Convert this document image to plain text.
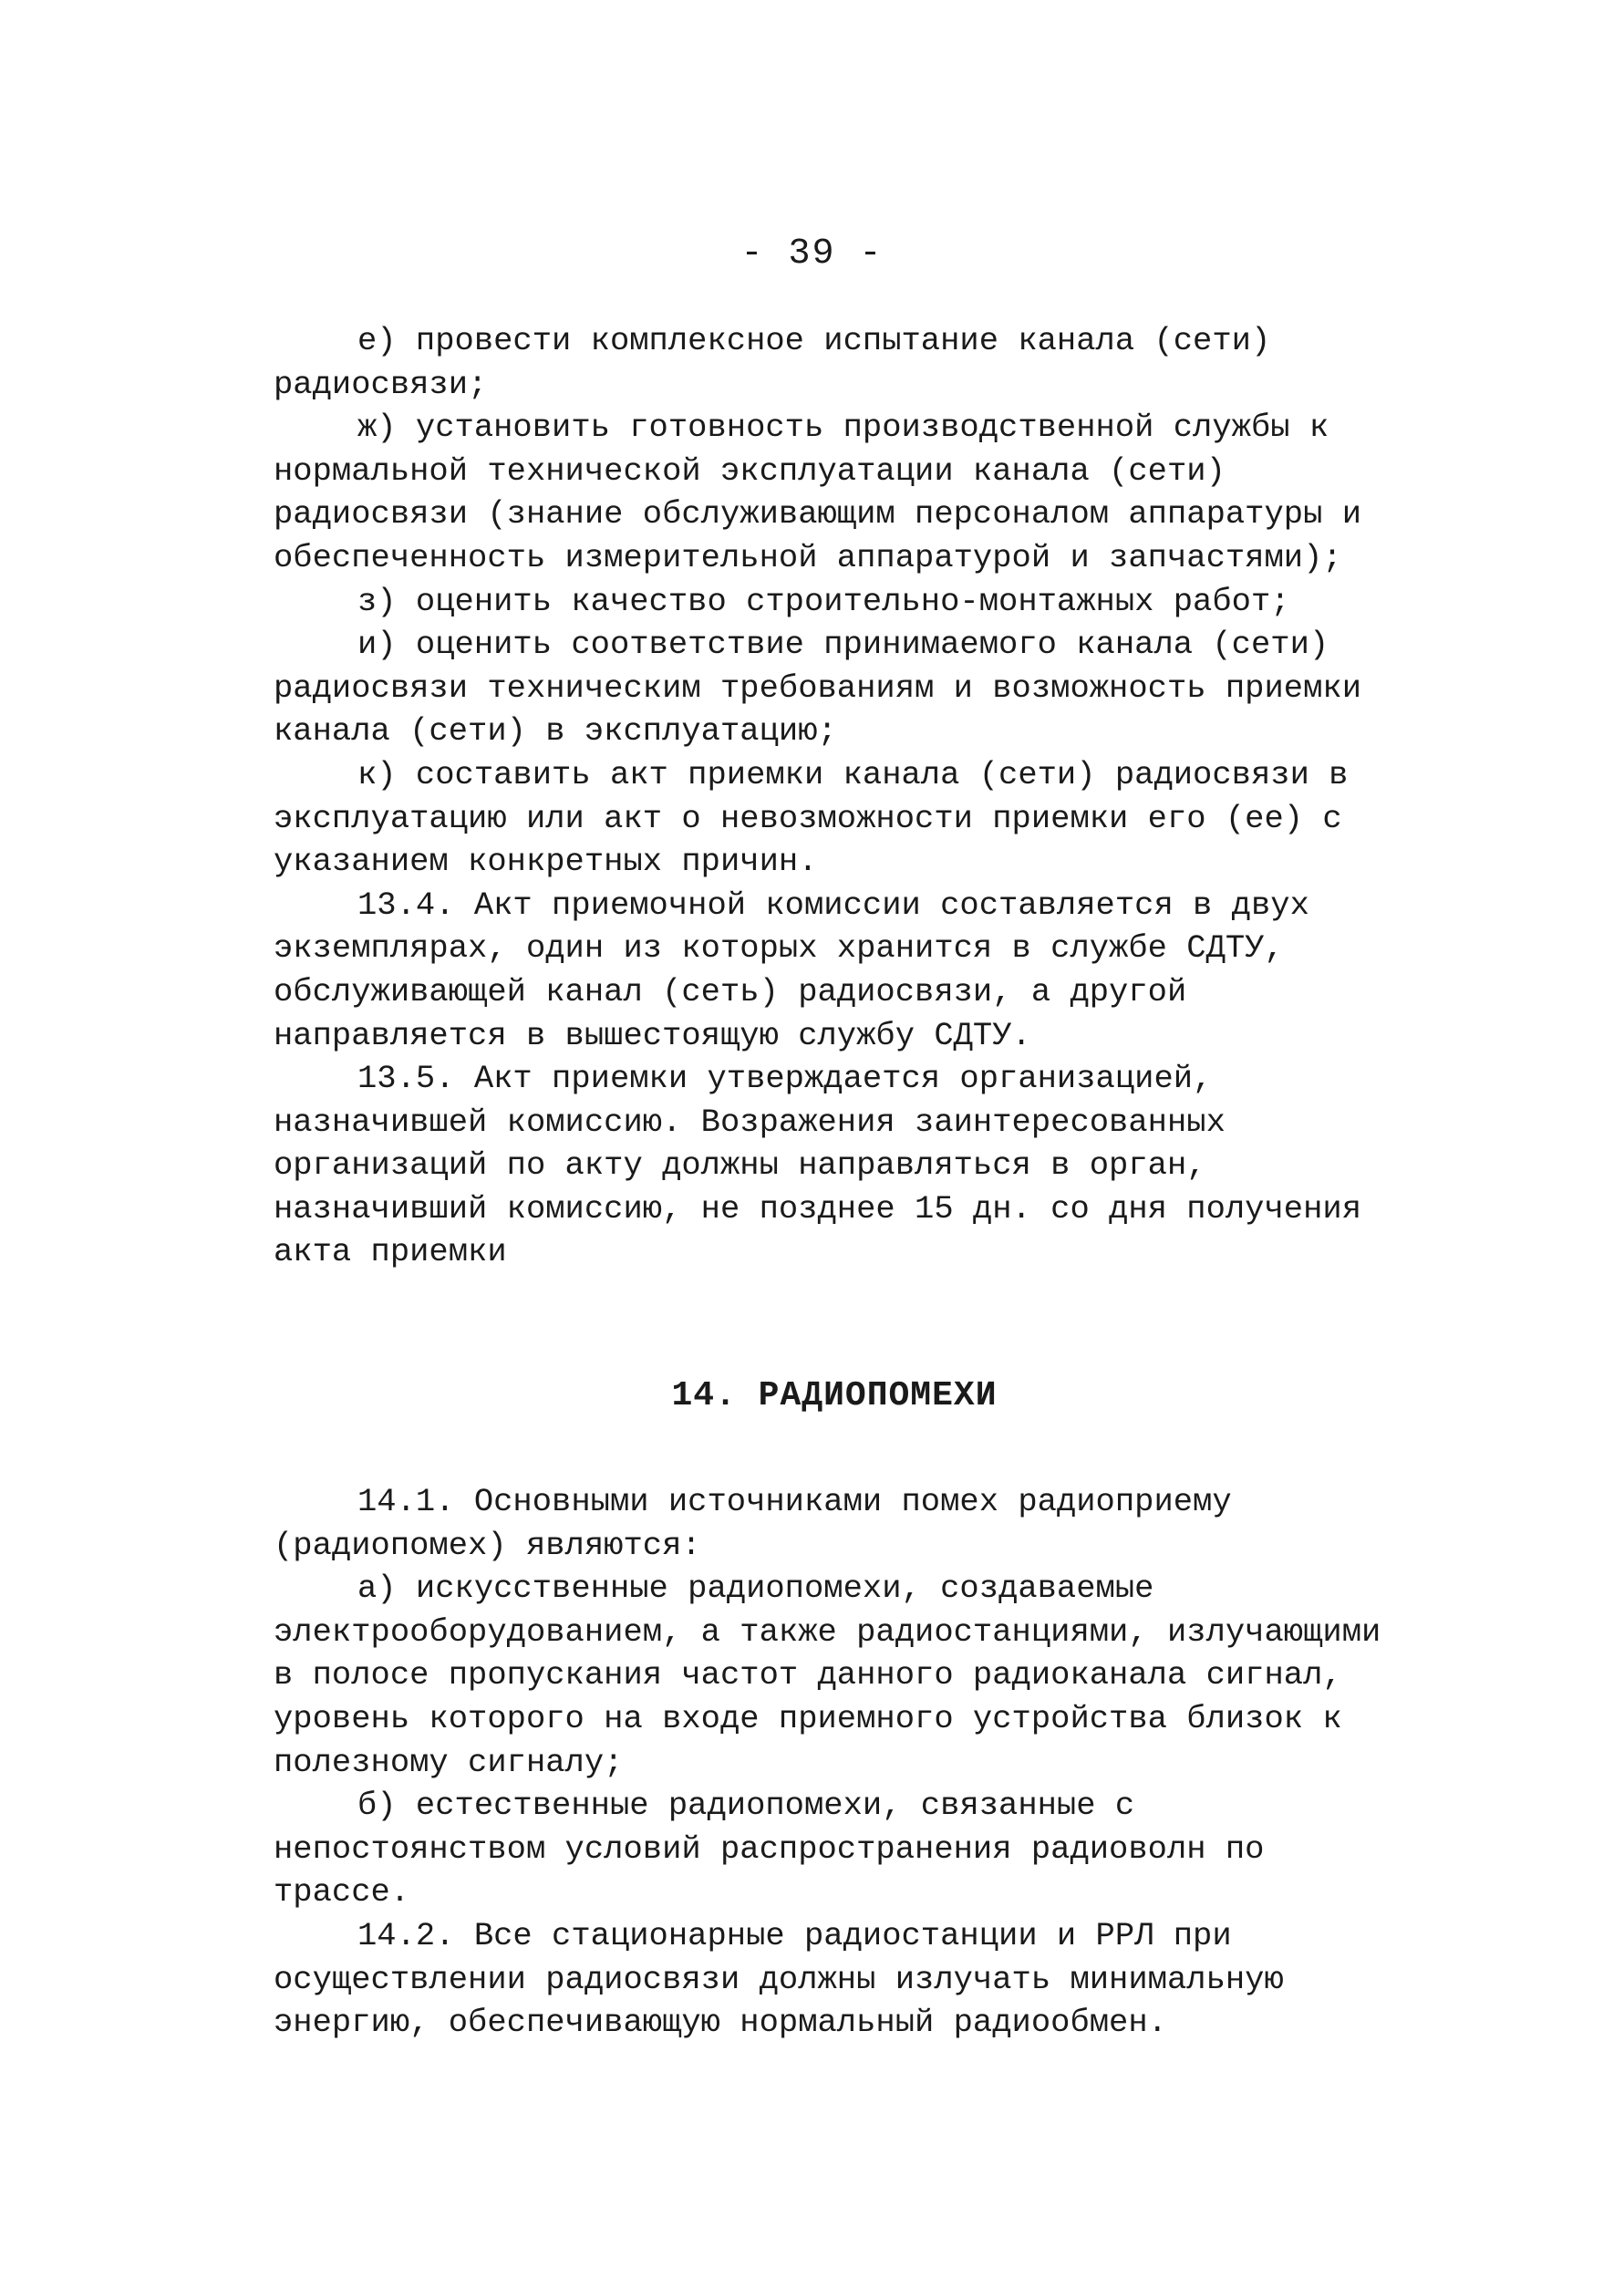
- 39 -

е) провести комплексное испытание канала (сети) радиосвязи;

ж) установить готовность производственной службы к нормальной технической эксплуатации канала (сети) радиосвязи (знание обслуживающим персоналом аппаратуры и обеспеченность измерительной аппаратурой и запчастями);

з) оценить качество строительно-монтажных работ;

и) оценить соответствие принимаемого канала (сети) радиосвязи техническим требованиям и возможность приемки канала (сети) в эксплуатацию;

к) составить акт приемки канала (сети) радиосвязи в эксплуатацию или акт о невозможности приемки его (ее) с указанием конкретных причин.

13.4. Акт приемочной комиссии составляется в двух экземплярах, один из которых хранится в службе СДТУ, обслуживающей канал (сеть) радиосвязи, а другой направляется в вышестоящую службу СДТУ.

13.5. Акт приемки утверждается организацией, назначившей комиссию. Возражения заинтересованных организаций по акту должны направляться в орган, назначивший комиссию, не позднее 15 дн. со дня получения акта приемки

14. РАДИОПОМЕХИ

14.1. Основными источниками помех радиоприему (радиопомех) являются:

а) искусственные радиопомехи, создаваемые электрооборудованием, а также радиостанциями, излучающими в полосе пропускания частот данного радиоканала сигнал, уровень которого на входе приемного устройства близок к полезному сигналу;

б) естественные радиопомехи, связанные с непостоянством условий распространения радиоволн по трассе.

14.2. Все стационарные радиостанции и РРЛ при осуществлении радиосвязи должны излучать минимальную энергию, обеспечивающую нормальный радиообмен.
